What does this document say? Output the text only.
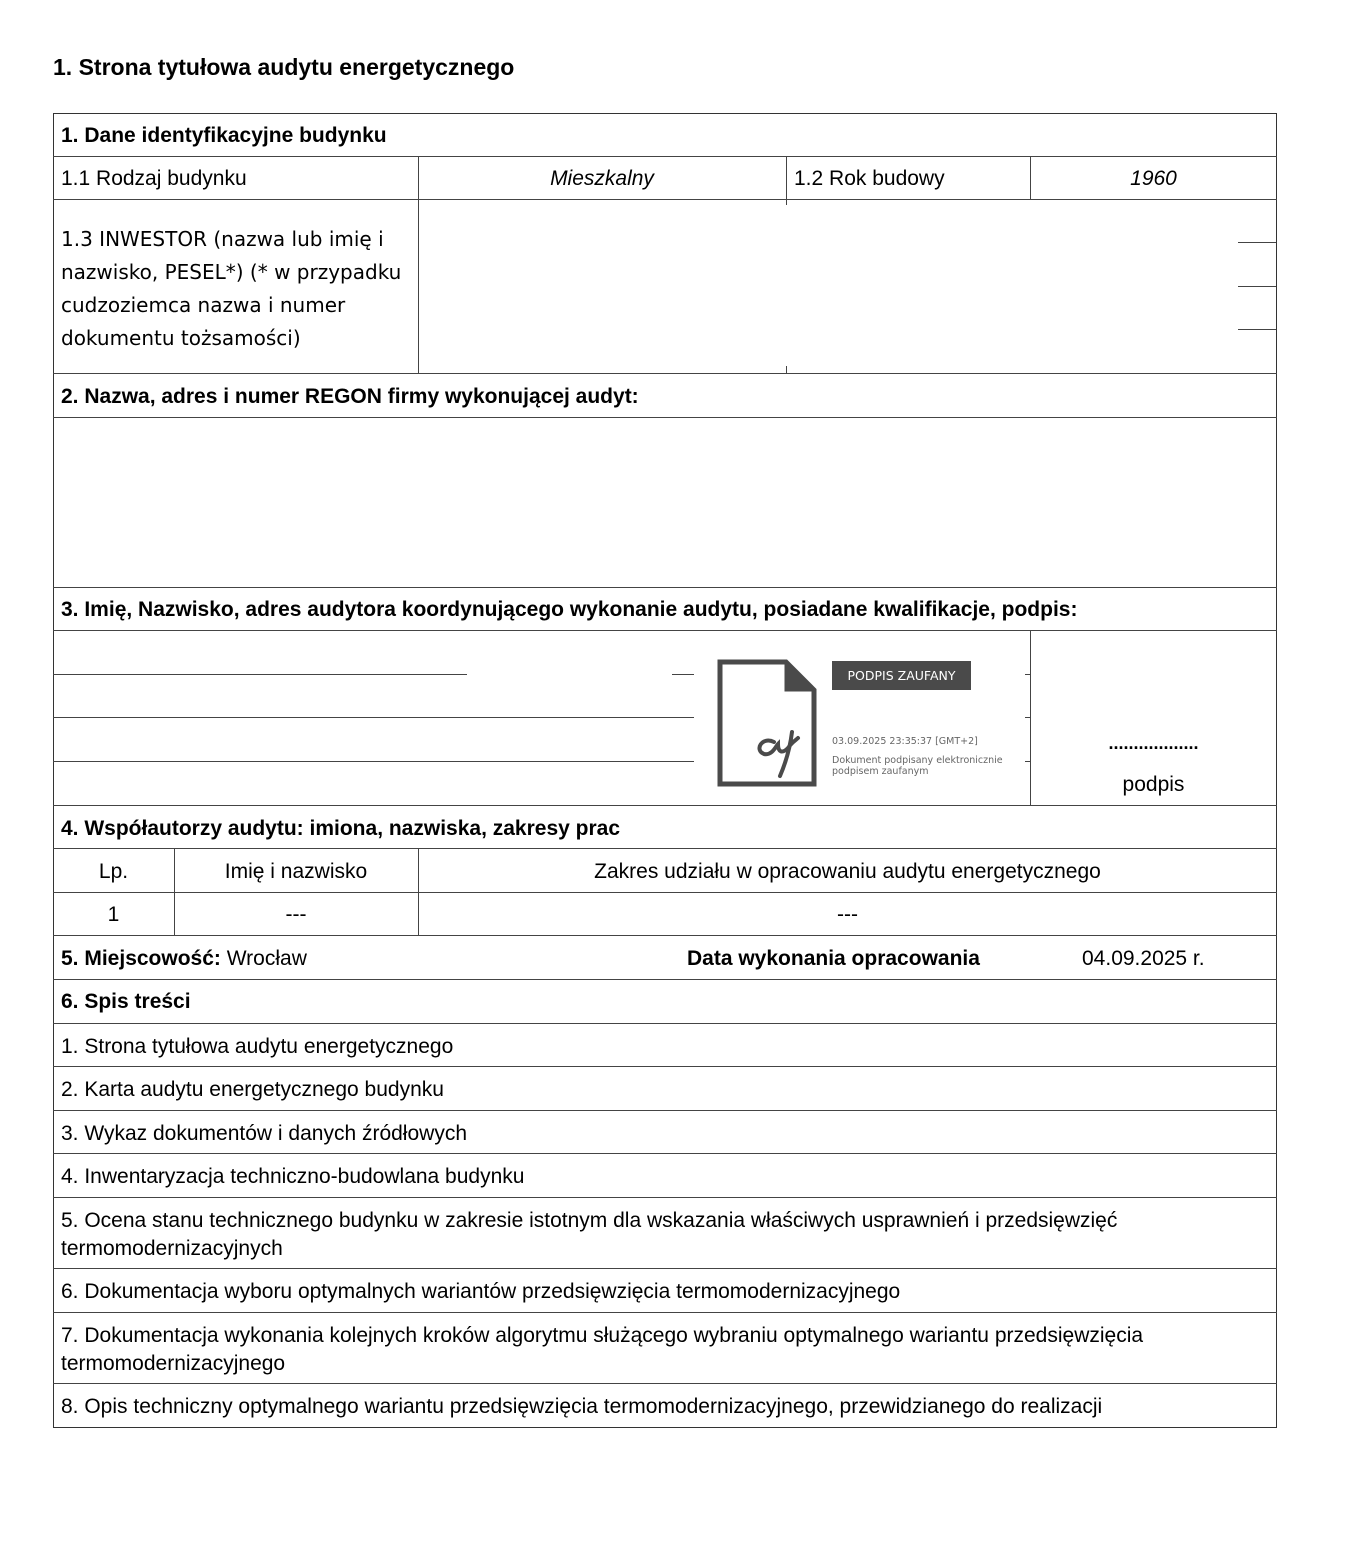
1. Strona tytułowa audytu energetycznego
1. Dane identyfikacyjne budynku
1.1 Rodzaj budynku	Mieszkalny	1.2 Rok budowy	1960
1.3 INWESTOR (nazwa lub imię i nazwisko, PESEL*) (* w przypadku cudzoziemca nazwa i numer dokumentu tożsamości)
2. Nazwa, adres i numer REGON firmy wykonującej audyt:
3. Imię, Nazwisko, adres audytora koordynującego wykonanie audytu, posiadane kwalifikacje, podpis:
PODPIS ZAUFANY
03.09.2025 23:35:37 [GMT+2]
Dokument podpisany elektronicznie
podpisem zaufanym
..................
podpis
4. Współautorzy audytu: imiona, nazwiska, zakresy prac
Lp.	Imię i nazwisko	Zakres udziału w opracowaniu audytu energetycznego
1	---	---
5. Miejscowość: Wrocław	Data wykonania opracowania	04.09.2025 r.
6. Spis treści
1. Strona tytułowa audytu energetycznego
2. Karta audytu energetycznego budynku
3. Wykaz dokumentów i danych źródłowych
4. Inwentaryzacja techniczno-budowlana budynku
5. Ocena stanu technicznego budynku w zakresie istotnym dla wskazania właściwych usprawnień i przedsięwzięć termomodernizacyjnych
6. Dokumentacja wyboru optymalnych wariantów przedsięwzięcia termomodernizacyjnego
7. Dokumentacja wykonania kolejnych kroków algorytmu służącego wybraniu optymalnego wariantu przedsięwzięcia termomodernizacyjnego
8. Opis techniczny optymalnego wariantu przedsięwzięcia termomodernizacyjnego, przewidzianego do realizacji
